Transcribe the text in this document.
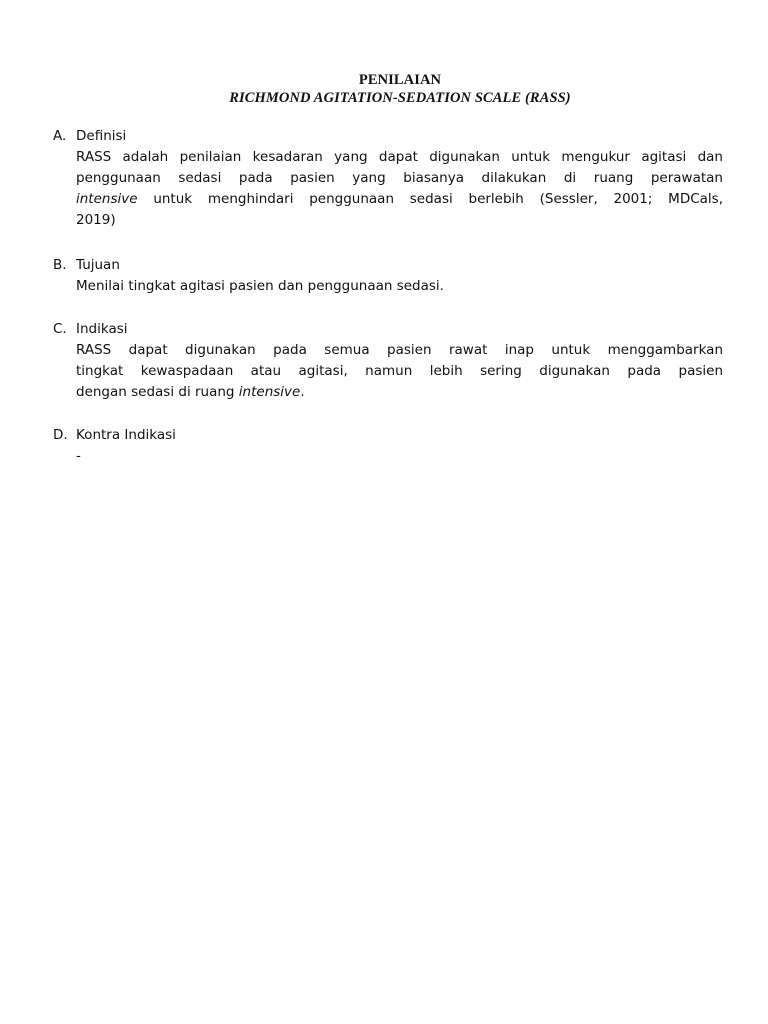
PENILAIAN
RICHMOND AGITATION-SEDATION SCALE (RASS)
A. Definisi
RASS adalah penilaian kesadaran yang dapat digunakan untuk mengukur agitasi dan
penggunaan sedasi pada pasien yang biasanya dilakukan di ruang perawatan
intensive untuk menghindari penggunaan sedasi berlebih (Sessler, 2001; MDCals,
2019)
B. Tujuan
Menilai tingkat agitasi pasien dan penggunaan sedasi.
C. Indikasi
RASS dapat digunakan pada semua pasien rawat inap untuk menggambarkan
tingkat kewaspadaan atau agitasi, namun lebih sering digunakan pada pasien
dengan sedasi di ruang intensive.
D. Kontra Indikasi
-
